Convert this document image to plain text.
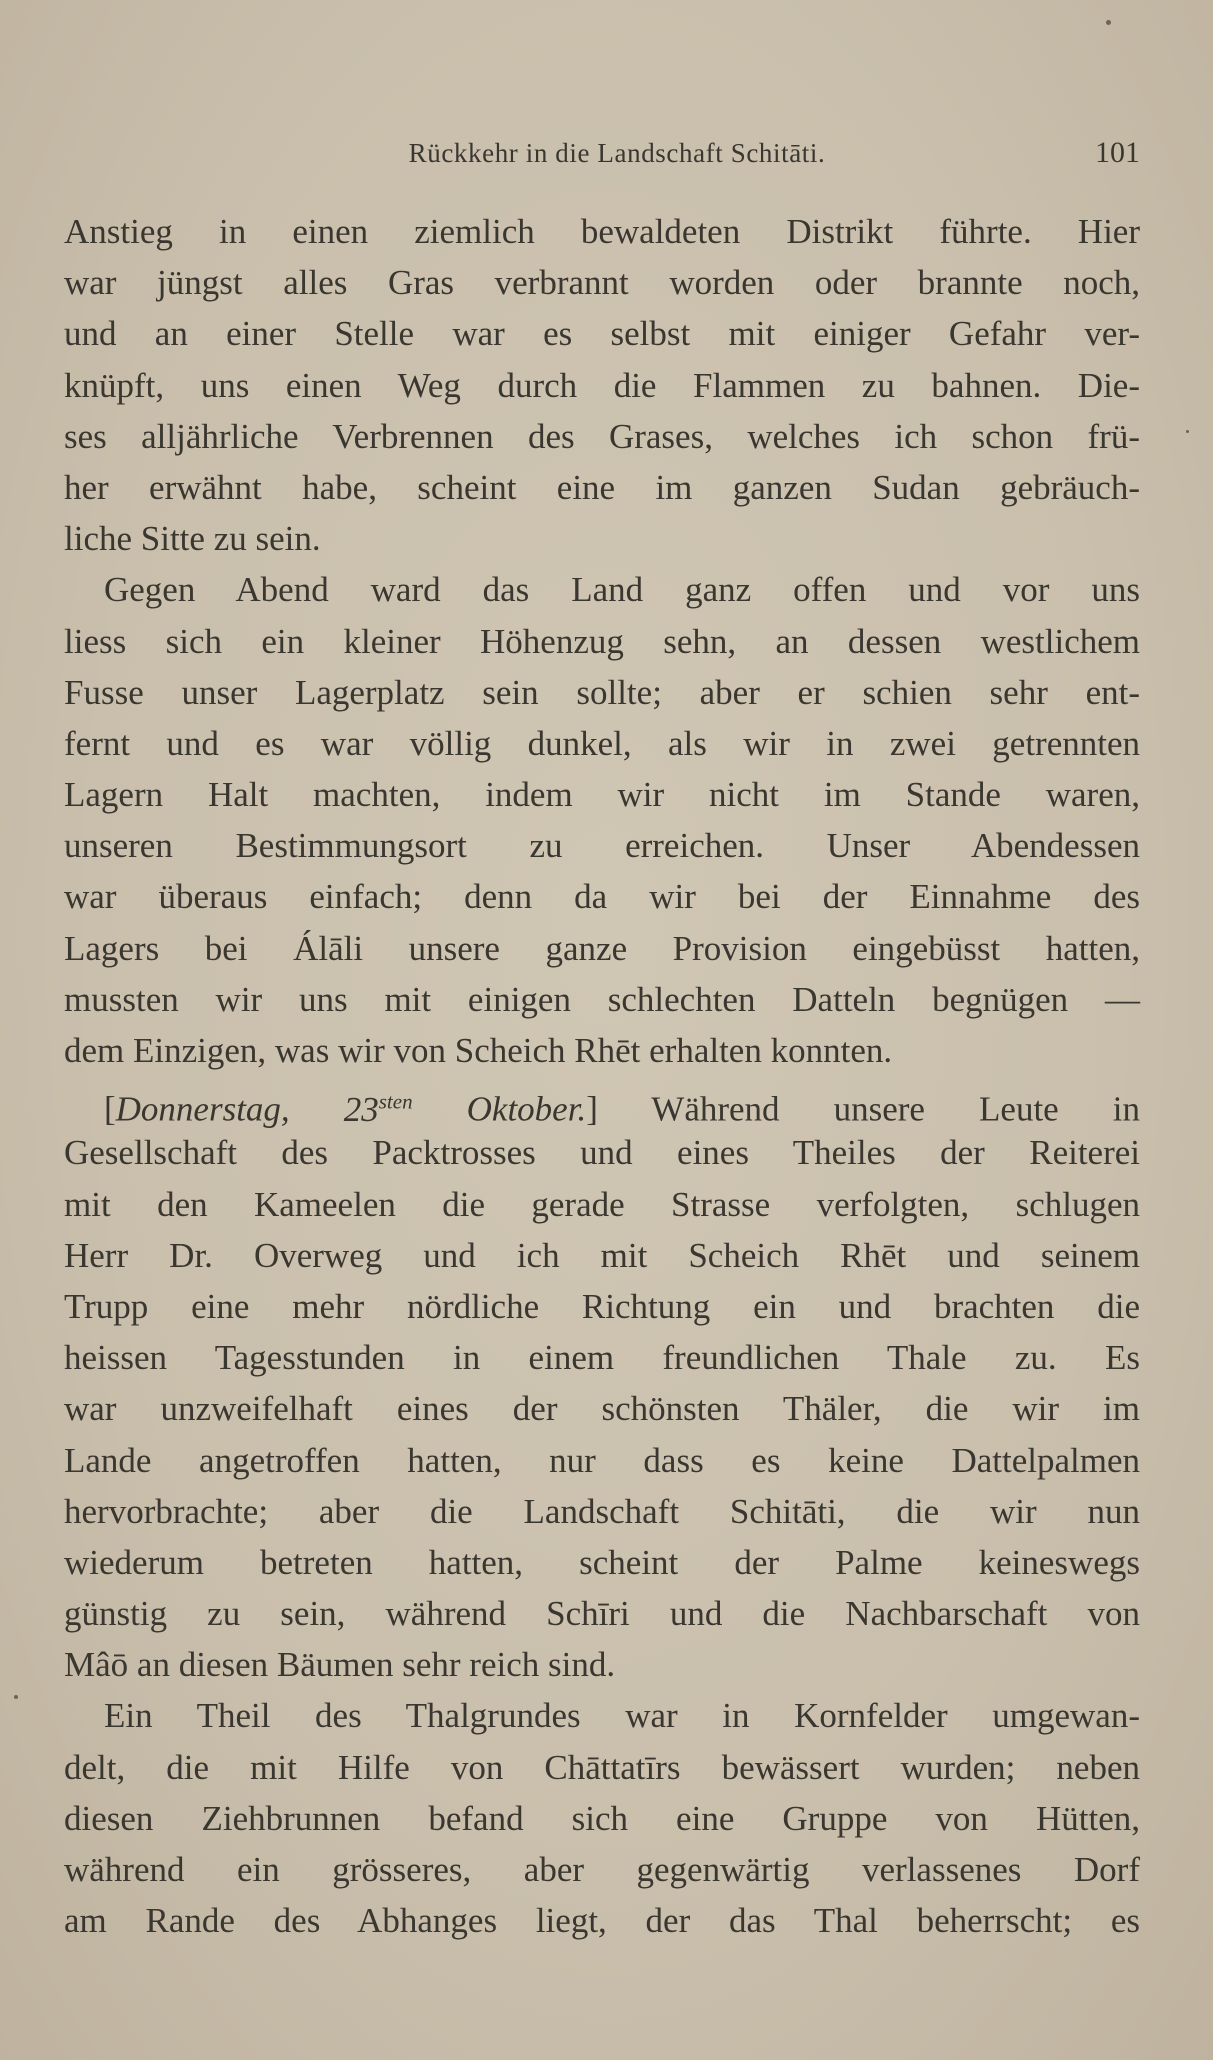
Rückkehr in die Landschaft Schitāti.	101
Anstieg in einen ziemlich bewaldeten Distrikt führte. Hier
war jüngst alles Gras verbrannt worden oder brannte noch,
und an einer Stelle war es selbst mit einiger Gefahr ver-
knüpft, uns einen Weg durch die Flammen zu bahnen. Die-
ses alljährliche Verbrennen des Grases, welches ich schon frü-
her erwähnt habe, scheint eine im ganzen Sudan gebräuch-
liche Sitte zu sein.
Gegen Abend ward das Land ganz offen und vor uns
liess sich ein kleiner Höhenzug sehn, an dessen westlichem
Fusse unser Lagerplatz sein sollte; aber er schien sehr ent-
fernt und es war völlig dunkel, als wir in zwei getrennten
Lagern Halt machten, indem wir nicht im Stande waren,
unseren Bestimmungsort zu erreichen. Unser Abendessen
war überaus einfach; denn da wir bei der Einnahme des
Lagers bei Álāli unsere ganze Provision eingebüsst hatten,
mussten wir uns mit einigen schlechten Datteln begnügen —
dem Einzigen, was wir von Scheich Rhēt erhalten konnten.
[Donnerstag, $23^{sten}$ Oktober.] Während unsere Leute in
Gesellschaft des Packtrosses und eines Theiles der Reiterei
mit den Kameelen die gerade Strasse verfolgten, schlugen
Herr Dr. Overweg und ich mit Scheich Rhēt und seinem
Trupp eine mehr nördliche Richtung ein und brachten die
heissen Tagesstunden in einem freundlichen Thale zu. Es
war unzweifelhaft eines der schönsten Thäler, die wir im
Lande angetroffen hatten, nur dass es keine Dattelpalmen
hervorbrachte; aber die Landschaft Schitāti, die wir nun
wiederum betreten hatten, scheint der Palme keineswegs
günstig zu sein, während Schīri und die Nachbarschaft von
Mâō an diesen Bäumen sehr reich sind.
Ein Theil des Thalgrundes war in Kornfelder umgewan-
delt, die mit Hilfe von Chāttatīrs bewässert wurden; neben
diesen Ziehbrunnen befand sich eine Gruppe von Hütten,
während ein grösseres, aber gegenwärtig verlassenes Dorf
am Rande des Abhanges liegt, der das Thal beherrscht; es
